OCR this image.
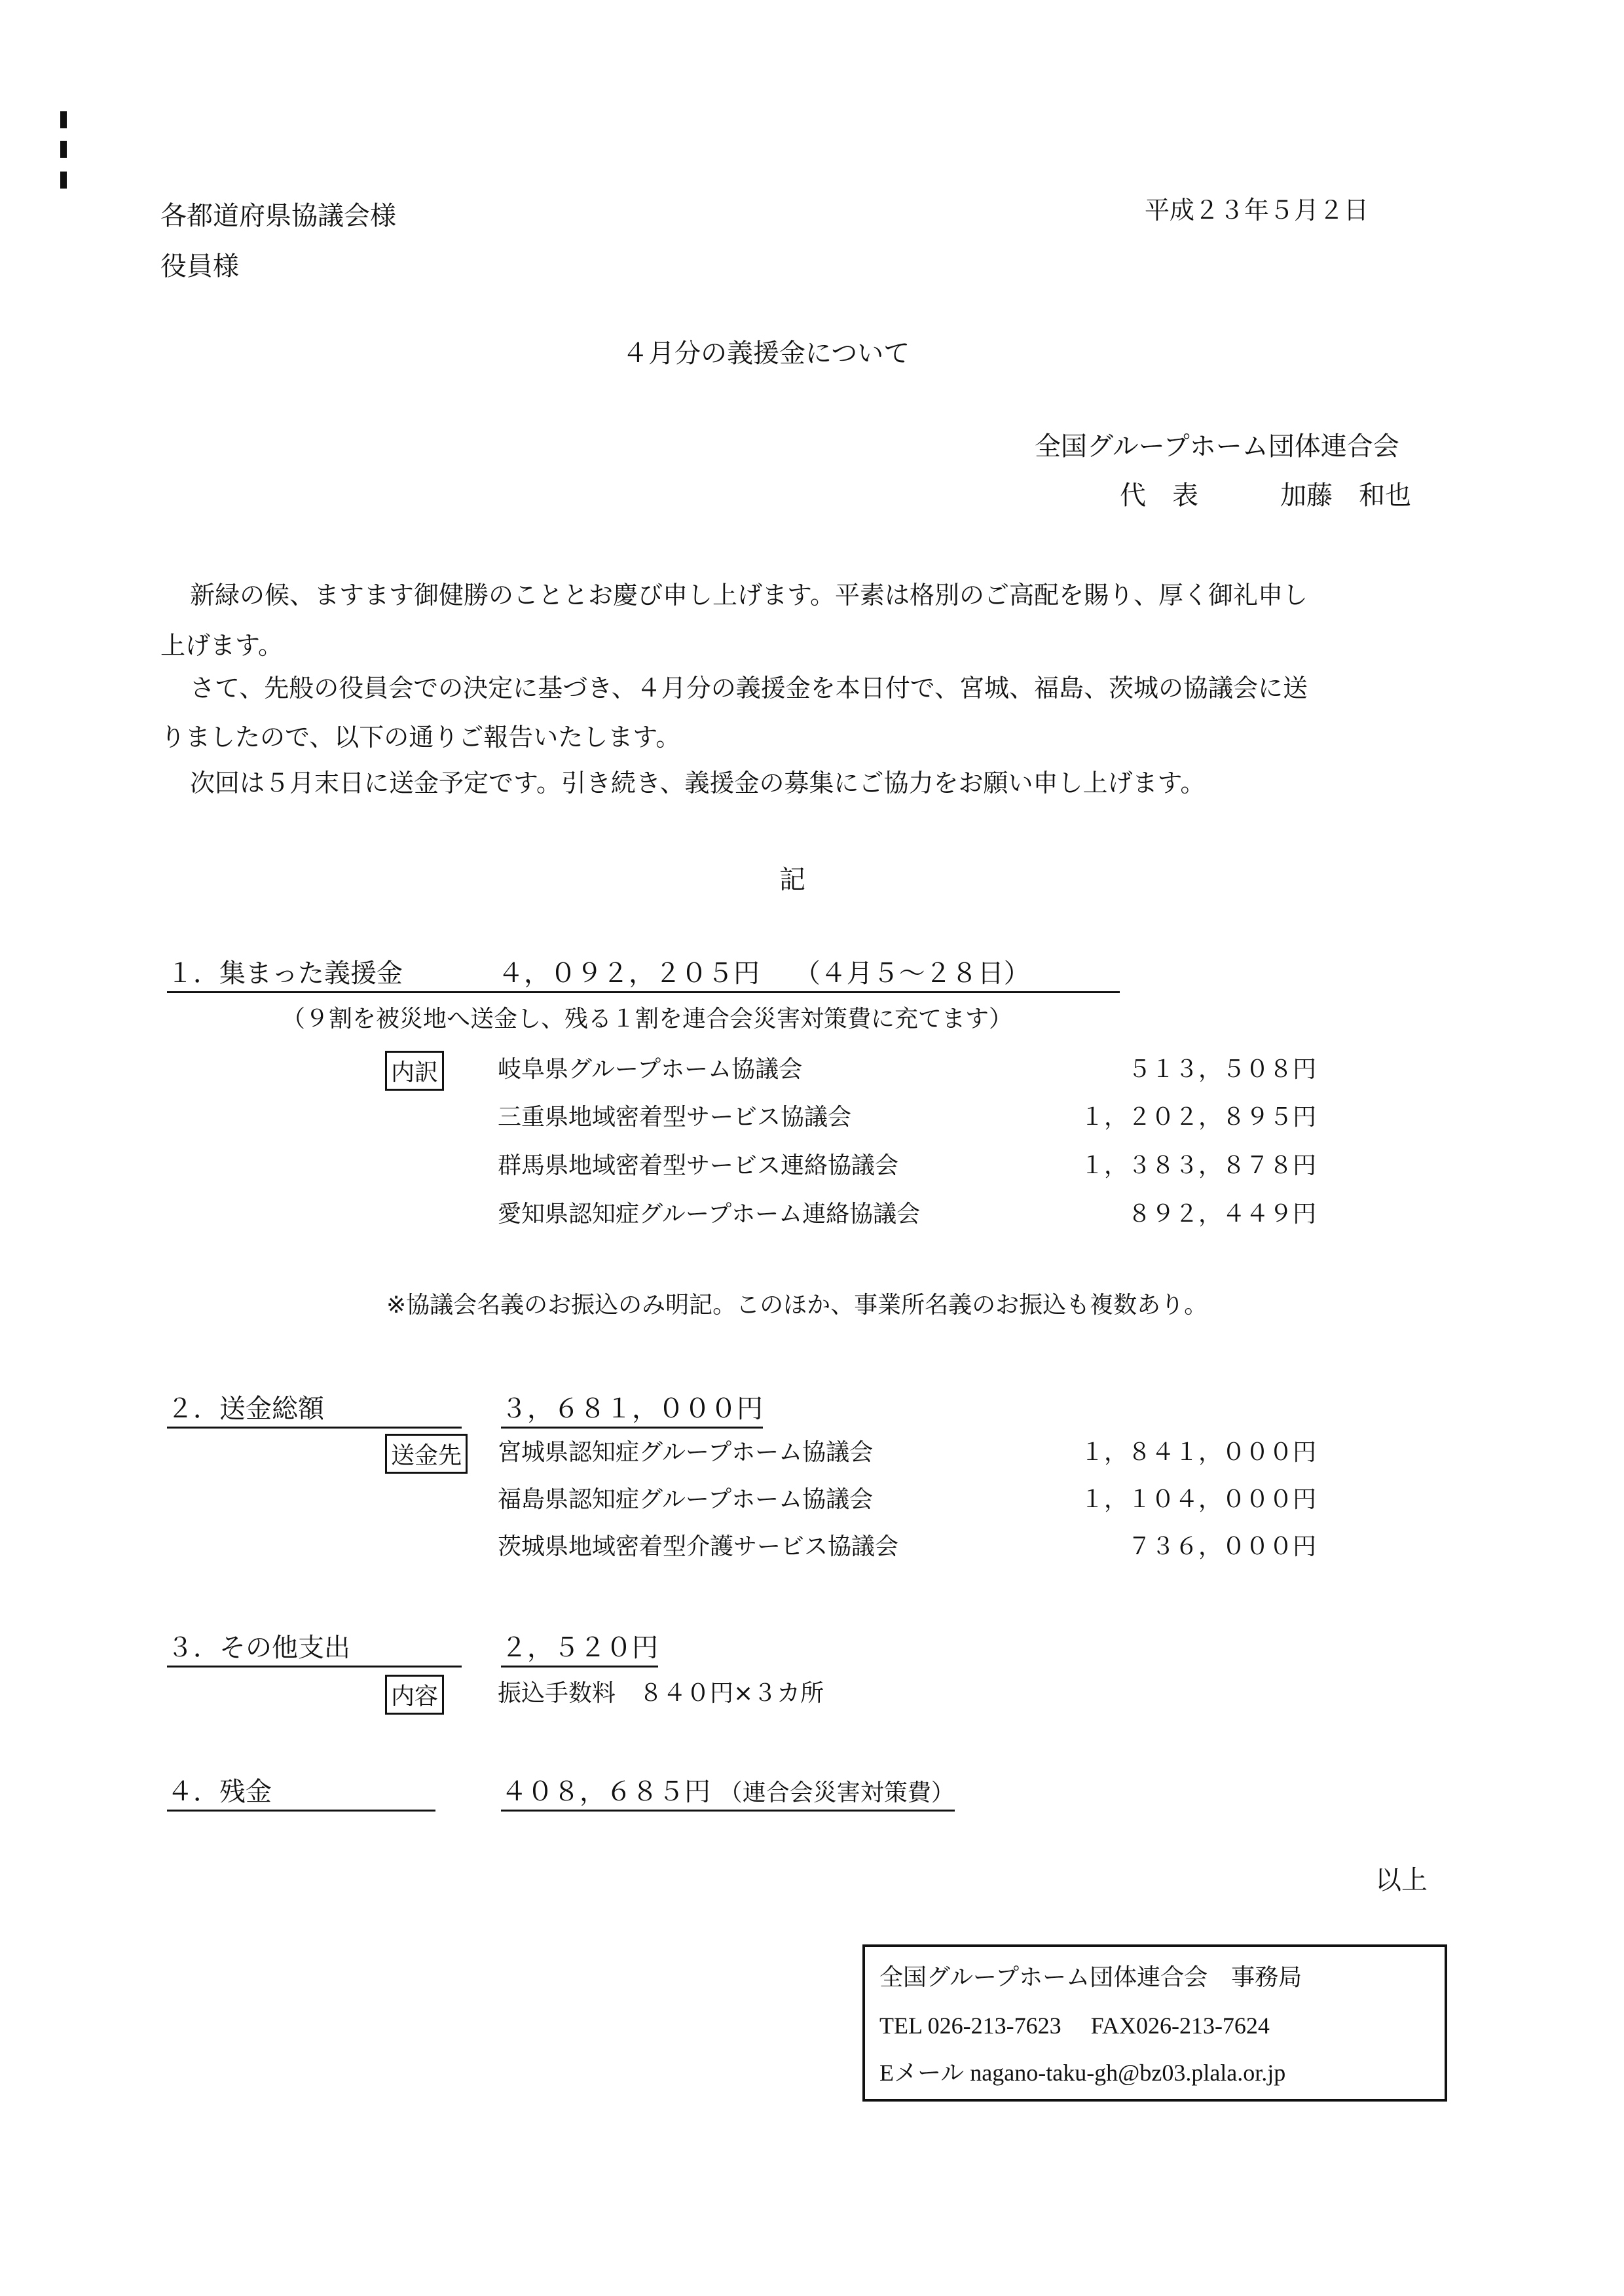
各都道府県協議会様
役員様
平成２３年５月２日
４月分の義援金について
全国グループホーム団体連合会
代　表	加藤　和也
新緑の候、ますます御健勝のこととお慶び申し上げます。平素は格別のご高配を賜り、厚く御礼申し
上げます。
さて、先般の役員会での決定に基づき、４月分の義援金を本日付で、宮城、福島、茨城の協議会に送
りましたので、以下の通りご報告いたします。
次回は５月末日に送金予定です。引き続き、義援金の募集にご協力をお願い申し上げます。
記
１．集まった義援金	４，０９２，２０５円 （４月５〜２８日）
（９割を被災地へ送金し、残る１割を連合会災害対策費に充てます）
内訳	岐阜県グループホーム協議会	５１３，５０８円
三重県地域密着型サービス協議会	１，２０２，８９５円
群馬県地域密着型サービス連絡協議会	１，３８３，８７８円
愛知県認知症グループホーム連絡協議会	８９２，４４９円
※協議会名義のお振込のみ明記。このほか、事業所名義のお振込も複数あり。
２．送金総額	３，６８１，０００円
送金先 宮城県認知症グループホーム協議会	１，８４１，０００円
福島県認知症グループホーム協議会	１，１０４，０００円
茨城県地域密着型介護サービス協議会	７３６，０００円
３．その他支出	２，５２０円
内容	振込手数料　８４０円×３カ所
４．残金	４０８，６８５円 （連合会災害対策費）
以上
全国グループホーム団体連合会　事務局
TEL 026-213-7623　 FAX026-213-7624
Eメール nagano-taku-gh@bz03.plala.or.jp
